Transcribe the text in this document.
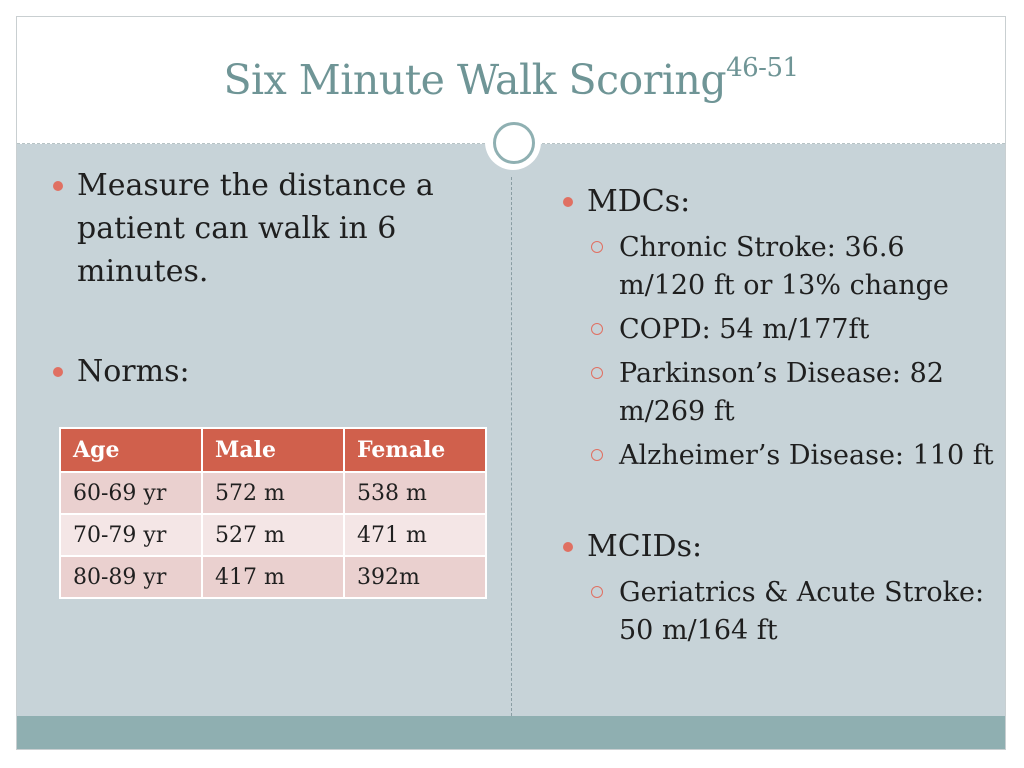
Six Minute Walk Scoring$^{46-51}$
Measure the distance a patient can walk in 6 minutes.
Norms:
Age	Male	Female
60-69 yr	572 m	538 m
70-79 yr	527 m	471 m
80-89 yr	417 m	392m
MDCs:
Chronic Stroke: 36.6 m/120 ft or 13% change
COPD: 54 m/177ft
Parkinson’s Disease: 82 m/269 ft
Alzheimer’s Disease: 110 ft
MCIDs:
Geriatrics & Acute Stroke: 50 m/164 ft
